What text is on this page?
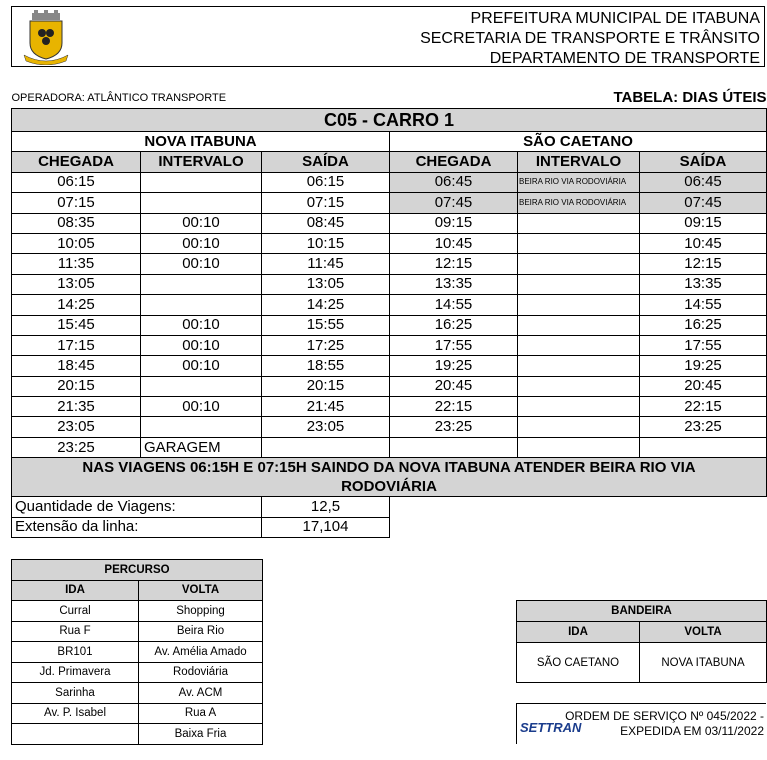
PREFEITURA MUNICIPAL DE ITABUNA
SECRETARIA DE TRANSPORTE E TRÂNSITO
DEPARTAMENTO DE TRANSPORTE
OPERADORA: ATLÂNTICO TRANSPORTE			TABELA: DIAS ÚTEIS		
C05 - CARRO 1					
NOVA ITABUNA			SÃO CAETANO		
CHEGADA	INTERVALO	SAÍDA	CHEGADA	INTERVALO	SAÍDA
06:15		06:15	06:45	BEIRA RIO VIA RODOVIÁRIA	06:45
07:15		07:15	07:45	BEIRA RIO VIA RODOVIÁRIA	07:45
08:35	00:10	08:45	09:15		09:15
10:05	00:10	10:15	10:45		10:45
11:35	00:10	11:45	12:15		12:15
13:05		13:05	13:35		13:35
14:25		14:25	14:55		14:55
15:45	00:10	15:55	16:25		16:25
17:15	00:10	17:25	17:55		17:55
18:45	00:10	18:55	19:25		19:25
20:15		20:15	20:45		20:45
21:35	00:10	21:45	22:15		22:15
23:05		23:05	23:25		23:25
23:25	GARAGEM				
NAS VIAGENS 06:15H E 07:15H SAINDO DA NOVA ITABUNA ATENDER BEIRA RIO VIA RODOVIÁRIA					
Quantidade de Viagens:		12,5			
Extensão da linha:		17,104			
PERCURSO	
IDA	VOLTA
Curral	Shopping
Rua F	Beira Rio
BR101	Av. Amélia Amado
Jd. Primavera	Rodoviária
Sarinha	Av. ACM
Av. P. Isabel	Rua A
	Baixa Fria
BANDEIRA	
IDA	VOLTA
SÃO CAETANO	NOVA ITABUNA
SETTRAN
ORDEM DE SERVIÇO Nº 045/2022 -
EXPEDIDA EM 03/11/2022
